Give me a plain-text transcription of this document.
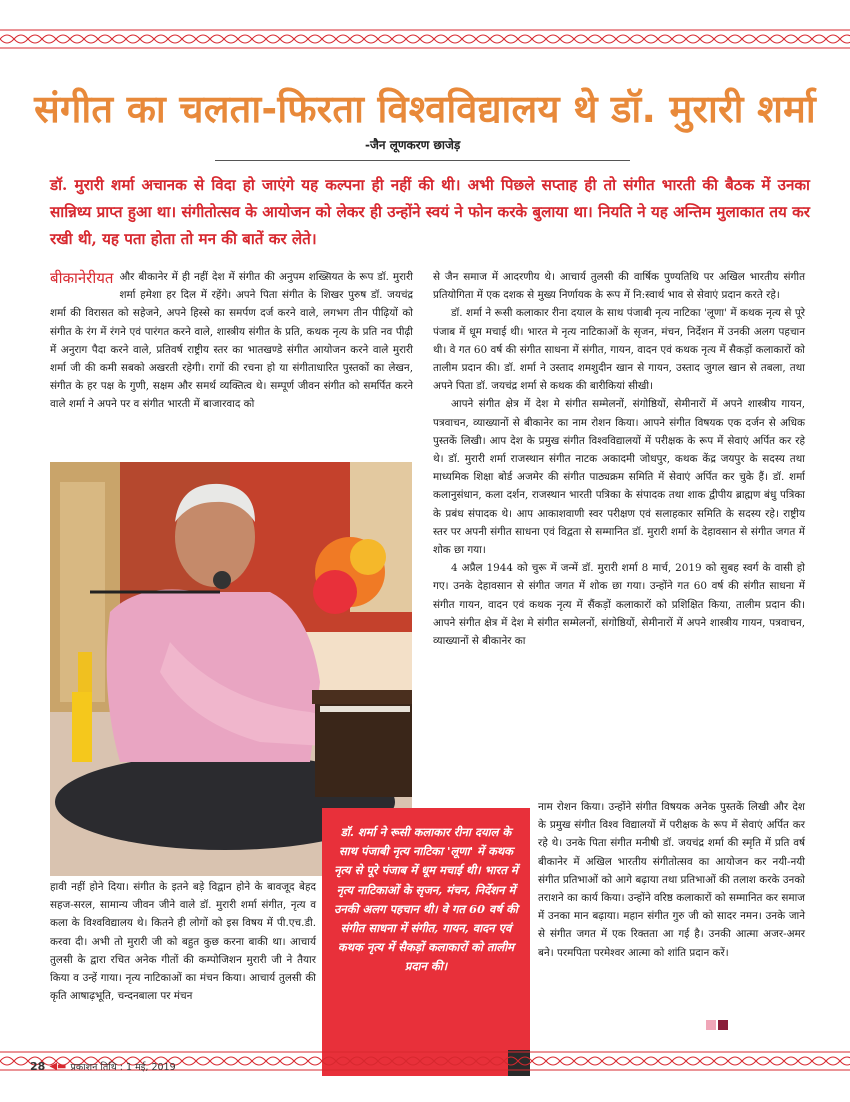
संगीत का चलता-फिरता विश्वविद्यालय थे डॉ. मुरारी शर्मा
-जैन लूणकरण छाजेड़
डॉ. मुरारी शर्मा अचानक से विदा हो जाएंगे यह कल्पना ही नहीं की थी। अभी पिछले सप्ताह ही तो संगीत भारती की बैठक में उनका सान्निध्य प्राप्त हुआ था। संगीतोत्सव के आयोजन को लेकर ही उन्होंने स्वयं ने फोन करके बुलाया था। नियति ने यह अन्तिम मुलाकात तय कर रखी थी, यह पता होता तो मन की बातें कर लेते।
बीकानेरीयत और बीकानेर में ही नहीं देश में संगीत की अनुपम शख्सियत के रूप डॉ. मुरारी शर्मा हमेशा हर दिल में रहेंगे। अपने पिता संगीत के शिखर पुरुष डॉ. जयचंद्र शर्मा की विरासत को सहेजने, अपने हिस्से का समर्पण दर्ज करने वाले, लगभग तीन पीढ़ियों को संगीत के रंग में रंगने एवं पारंगत करने वाले, शास्त्रीय संगीत के प्रति, कथक नृत्य के प्रति नव पीढ़ी में अनुराग पैदा करने वाले, प्रतिवर्ष राष्ट्रीय स्तर का भातखण्डे संगीत आयोजन करने वाले मुरारी शर्मा जी की कमी सबको अखरती रहेगी। रागों की रचना हो या संगीताधारित पुस्तकों का लेखन, संगीत के हर पक्ष के गुणी, सक्षम और समर्थ व्यक्तित्व थे। सम्पूर्ण जीवन संगीत को समर्पित करने वाले शर्मा ने अपने पर व संगीत भारती में बाजारवाद को

हावी नहीं होने दिया। संगीत के इतने बड़े विद्वान होने के बावजूद बेहद सहज-सरल, सामान्य जीवन जीने वाले डॉ. मुरारी शर्मा संगीत, नृत्य व कला के विश्वविद्यालय थे। कितने ही लोगों को इस विषय में पी.एच.डी. करवा दी। अभी तो मुरारी जी को बहुत कुछ करना बाकी था। आचार्य तुलसी के द्वारा रचित अनेक गीतों की कम्पोजिशन मुरारी जी ने तैयार किया व उन्हें गाया। नृत्य नाटिकाओं का मंचन किया। आचार्य तुलसी की कृति आषाढ़भूति, चन्दनबाला पर मंचन

से जैन समाज में आदरणीय थे। आचार्य तुलसी की वार्षिक पुण्यतिथि पर अखिल भारतीय संगीत प्रतियोगिता में एक दशक से मुख्य निर्णायक के रूप में नि:स्वार्थ भाव से सेवाएं प्रदान करते रहे।

डॉ. शर्मा ने रूसी कलाकार रीना दयाल के साथ पंजाबी नृत्य नाटिका 'लूणा' में कथक नृत्य से पूरे पंजाब में धूम मचाई थी। भारत मे नृत्य नाटिकाओं के सृजन, मंचन, निर्देशन में उनकी अलग पहचान थी। वे गत 60 वर्ष की संगीत साधना में संगीत, गायन, वादन एवं कथक नृत्य में सैकड़ों कलाकारों को तालीम प्रदान की। डॉ. शर्मा ने उस्ताद शमशुदीन खान से गायन, उस्ताद जुगल खान से तबला, तथा अपने पिता डॉ. जयचंद्र शर्मा से कथक की बारीकियां सीखी।

आपने संगीत क्षेत्र में देश मे संगीत सम्मेलनों, संगोष्ठियों, सेमीनारों में अपने शास्त्रीय गायन, पत्रवाचन, व्याख्यानों से बीकानेर का नाम रोशन किया। आपने संगीत विषयक एक दर्जन से अधिक पुस्तकें लिखी। आप देश के प्रमुख संगीत विश्वविद्यालयों में परीक्षक के रूप में सेवाएं अर्पित कर रहे थे। डॉ. मुरारी शर्मा राजस्थान संगीत नाटक अकादमी जोधपुर, कथक केंद्र जयपुर के सदस्य तथा माध्यमिक शिक्षा बोर्ड अजमेर की संगीत पाठ्यक्रम समिति में सेवाएं अर्पित कर चुके हैं। डॉ. शर्मा कलानुसंधान, कला दर्शन, राजस्थान भारती पत्रिका के संपादक तथा शाक द्वीपीय ब्राह्मण बंधु पत्रिका के प्रबंध संपादक थे। आप आकाशवाणी स्वर परीक्षण एवं सलाहकार समिति के सदस्य रहे। राष्ट्रीय स्तर पर अपनी संगीत साधना एवं विद्वता से सम्मानित डॉ. मुरारी शर्मा के देहावसान से संगीत जगत में शोक छा गया।

4 अप्रैल 1944 को चुरू में जन्में डॉ. मुरारी शर्मा 8 मार्च, 2019 को सुबह स्वर्ग के वासी हो गए। उनके देहावसान से संगीत जगत में शोक छा गया। उन्होंने गत 60 वर्ष की संगीत साधना में संगीत गायन, वादन एवं कथक नृत्य में सैंकड़ों कलाकारों को प्रशिक्षित किया, तालीम प्रदान की। आपने संगीत क्षेत्र में देश मे संगीत सम्मेलनों, संगोष्ठियों, सेमीनारों में अपने शास्त्रीय गायन, पत्रवाचन, व्याख्यानों से बीकानेर का

नाम रोशन किया। उन्होंने संगीत विषयक अनेक पुस्तकें लिखी और देश के प्रमुख संगीत विश्व विद्यालयों में परीक्षक के रूप में सेवाएं अर्पित कर रहे थे। उनके पिता संगीत मनीषी डॉ. जयचंद्र शर्मा की स्मृति में प्रति वर्ष बीकानेर में अखिल भारतीय संगीतोत्सव का आयोजन कर नयी-नयी संगीत प्रतिभाओं को आगे बढ़ाया तथा प्रतिभाओं की तलाश करके उनको तराशने का कार्य किया। उन्होंने वरिष्ठ कलाकारों को सम्मानित कर समाज में उनका मान बढ़ाया। महान संगीत गुरु जी को सादर नमन। उनके जाने से संगीत जगत में एक रिक्तता आ गई है। उनकी आत्मा अजर-अमर बने। परमपिता परमेश्वर आत्मा को शांति प्रदान करें।

डॉ. शर्मा ने रूसी कलाकार रीना दयाल के साथ पंजाबी नृत्य नाटिका 'लूणा' में कथक नृत्य से पूरे पंजाब में धूम मचाई थी। भारत में नृत्य नाटिकाओं के सृजन, मंचन, निर्देशन में उनकी अलग पहचान थी। वे गत 60 वर्ष की संगीत साधना में संगीत, गायन, वादन एवं कथक नृत्य में सैकड़ों कलाकारों को तालीम प्रदान की।
28 ◀▬ प्रकाशन तिथि : 1 मई, 2019
